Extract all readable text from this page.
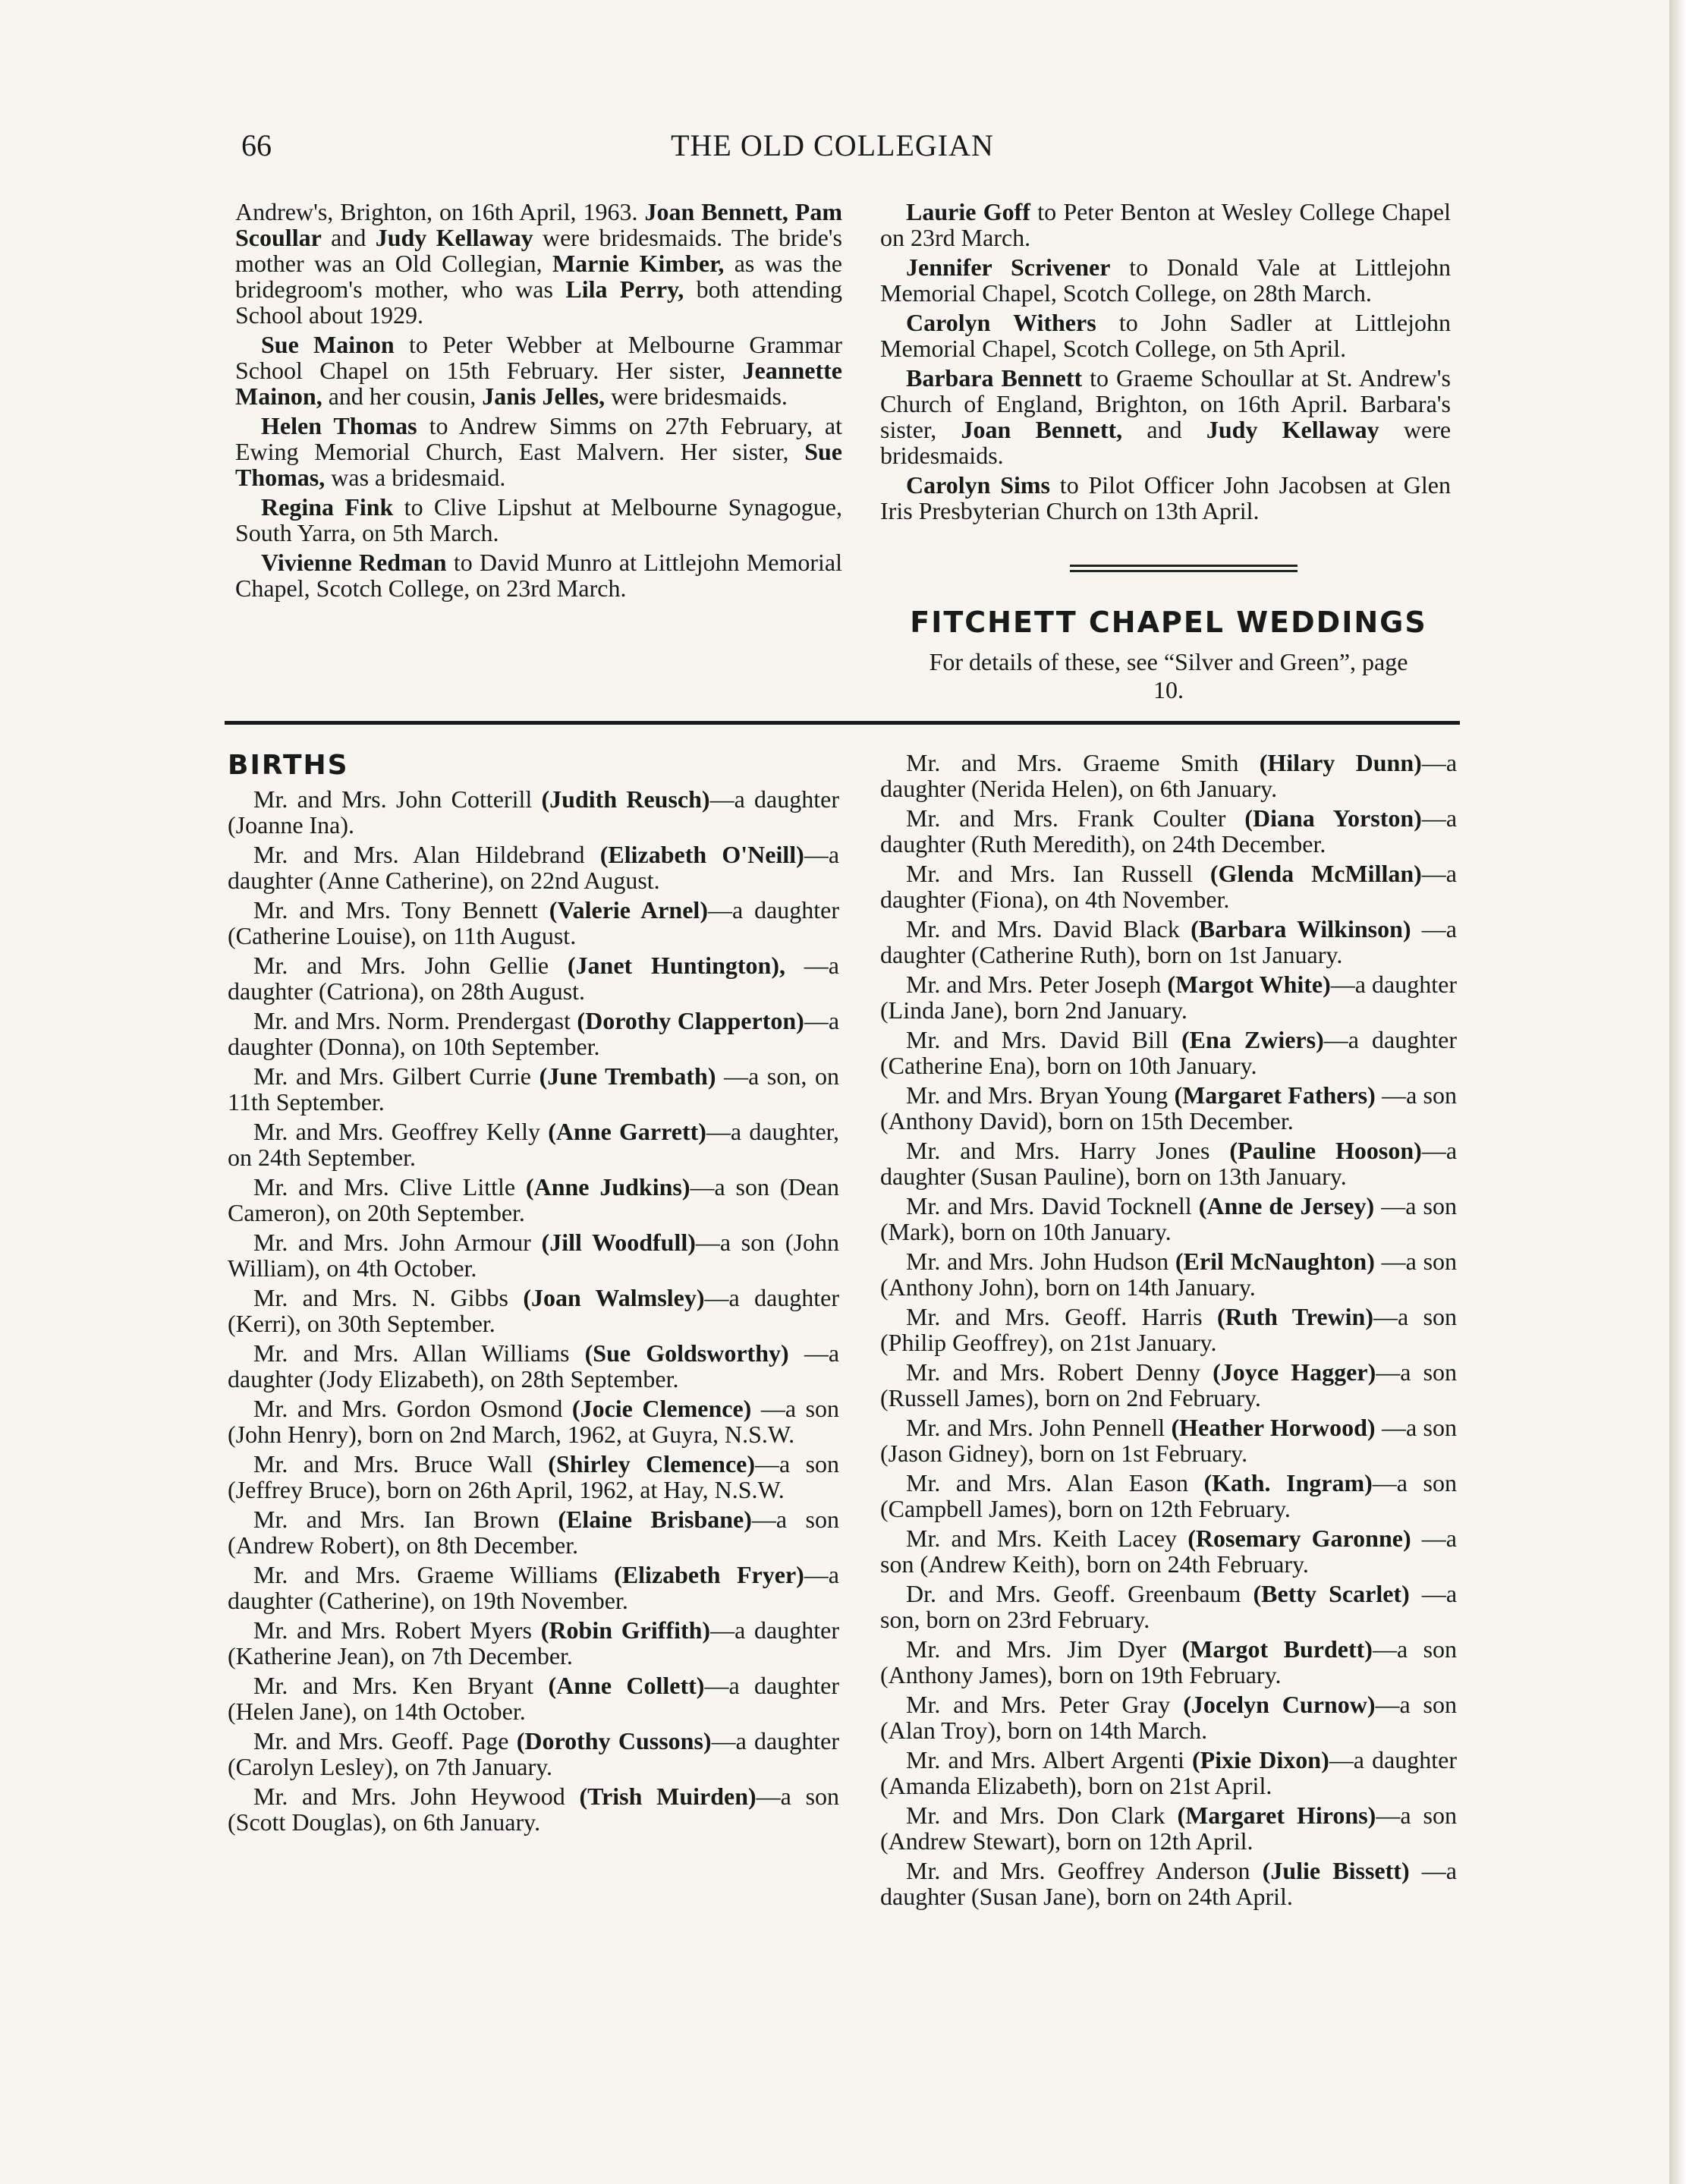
66	THE OLD COLLEGIAN

Andrew's, Brighton, on 16th April, 1963. Joan Bennett, Pam Scoullar and Judy Kellaway were bridesmaids. The bride's mother was an Old Collegian, Marnie Kimber, as was the bridegroom's mother, who was Lila Perry, both attending School about 1929.

Sue Mainon to Peter Webber at Melbourne Grammar School Chapel on 15th February. Her sister, Jeannette Mainon, and her cousin, Janis Jelles, were bridesmaids.

Helen Thomas to Andrew Simms on 27th February, at Ewing Memorial Church, East Malvern. Her sister, Sue Thomas, was a bridesmaid.

Regina Fink to Clive Lipshut at Melbourne Synagogue, South Yarra, on 5th March.

Vivienne Redman to David Munro at Littlejohn Memorial Chapel, Scotch College, on 23rd March.

Laurie Goff to Peter Benton at Wesley College Chapel on 23rd March.

Jennifer Scrivener to Donald Vale at Littlejohn Memorial Chapel, Scotch College, on 28th March.

Carolyn Withers to John Sadler at Littlejohn Memorial Chapel, Scotch College, on 5th April.

Barbara Bennett to Graeme Schoullar at St. Andrew's Church of England, Brighton, on 16th April. Barbara's sister, Joan Bennett, and Judy Kellaway were bridesmaids.

Carolyn Sims to Pilot Officer John Jacobsen at Glen Iris Presbyterian Church on 13th April.

FITCHETT CHAPEL WEDDINGS
For details of these, see “Silver and Green”, page 10.

BIRTHS

Mr. and Mrs. John Cotterill (Judith Reusch)—a daughter (Joanne Ina).

Mr. and Mrs. Alan Hildebrand (Elizabeth O'Neill)—a daughter (Anne Catherine), on 22nd August.

Mr. and Mrs. Tony Bennett (Valerie Arnel)—a daughter (Catherine Louise), on 11th August.

Mr. and Mrs. John Gellie (Janet Huntington), —a daughter (Catriona), on 28th August.

Mr. and Mrs. Norm. Prendergast (Dorothy Clapperton)—a daughter (Donna), on 10th September.

Mr. and Mrs. Gilbert Currie (June Trembath) —a son, on 11th September.

Mr. and Mrs. Geoffrey Kelly (Anne Garrett)—a daughter, on 24th September.

Mr. and Mrs. Clive Little (Anne Judkins)—a son (Dean Cameron), on 20th September.

Mr. and Mrs. John Armour (Jill Woodfull)—a son (John William), on 4th October.

Mr. and Mrs. N. Gibbs (Joan Walmsley)—a daughter (Kerri), on 30th September.

Mr. and Mrs. Allan Williams (Sue Goldsworthy) —a daughter (Jody Elizabeth), on 28th September.

Mr. and Mrs. Gordon Osmond (Jocie Clemence) —a son (John Henry), born on 2nd March, 1962, at Guyra, N.S.W.

Mr. and Mrs. Bruce Wall (Shirley Clemence)—a son (Jeffrey Bruce), born on 26th April, 1962, at Hay, N.S.W.

Mr. and Mrs. Ian Brown (Elaine Brisbane)—a son (Andrew Robert), on 8th December.

Mr. and Mrs. Graeme Williams (Elizabeth Fryer)—a daughter (Catherine), on 19th November.

Mr. and Mrs. Robert Myers (Robin Griffith)—a daughter (Katherine Jean), on 7th December.

Mr. and Mrs. Ken Bryant (Anne Collett)—a daughter (Helen Jane), on 14th October.

Mr. and Mrs. Geoff. Page (Dorothy Cussons)—a daughter (Carolyn Lesley), on 7th January.

Mr. and Mrs. John Heywood (Trish Muirden)—a son (Scott Douglas), on 6th January.

Mr. and Mrs. Graeme Smith (Hilary Dunn)—a daughter (Nerida Helen), on 6th January.

Mr. and Mrs. Frank Coulter (Diana Yorston)—a daughter (Ruth Meredith), on 24th December.

Mr. and Mrs. Ian Russell (Glenda McMillan)—a daughter (Fiona), on 4th November.

Mr. and Mrs. David Black (Barbara Wilkinson) —a daughter (Catherine Ruth), born on 1st January.

Mr. and Mrs. Peter Joseph (Margot White)—a daughter (Linda Jane), born 2nd January.

Mr. and Mrs. David Bill (Ena Zwiers)—a daughter (Catherine Ena), born on 10th January.

Mr. and Mrs. Bryan Young (Margaret Fathers) —a son (Anthony David), born on 15th December.

Mr. and Mrs. Harry Jones (Pauline Hooson)—a daughter (Susan Pauline), born on 13th January.

Mr. and Mrs. David Tocknell (Anne de Jersey) —a son (Mark), born on 10th January.

Mr. and Mrs. John Hudson (Eril McNaughton) —a son (Anthony John), born on 14th January.

Mr. and Mrs. Geoff. Harris (Ruth Trewin)—a son (Philip Geoffrey), on 21st January.

Mr. and Mrs. Robert Denny (Joyce Hagger)—a son (Russell James), born on 2nd February.

Mr. and Mrs. John Pennell (Heather Horwood) —a son (Jason Gidney), born on 1st February.

Mr. and Mrs. Alan Eason (Kath. Ingram)—a son (Campbell James), born on 12th February.

Mr. and Mrs. Keith Lacey (Rosemary Garonne) —a son (Andrew Keith), born on 24th February.

Dr. and Mrs. Geoff. Greenbaum (Betty Scarlet) —a son, born on 23rd February.

Mr. and Mrs. Jim Dyer (Margot Burdett)—a son (Anthony James), born on 19th February.

Mr. and Mrs. Peter Gray (Jocelyn Curnow)—a son (Alan Troy), born on 14th March.

Mr. and Mrs. Albert Argenti (Pixie Dixon)—a daughter (Amanda Elizabeth), born on 21st April.

Mr. and Mrs. Don Clark (Margaret Hirons)—a son (Andrew Stewart), born on 12th April.

Mr. and Mrs. Geoffrey Anderson (Julie Bissett) —a daughter (Susan Jane), born on 24th April.
